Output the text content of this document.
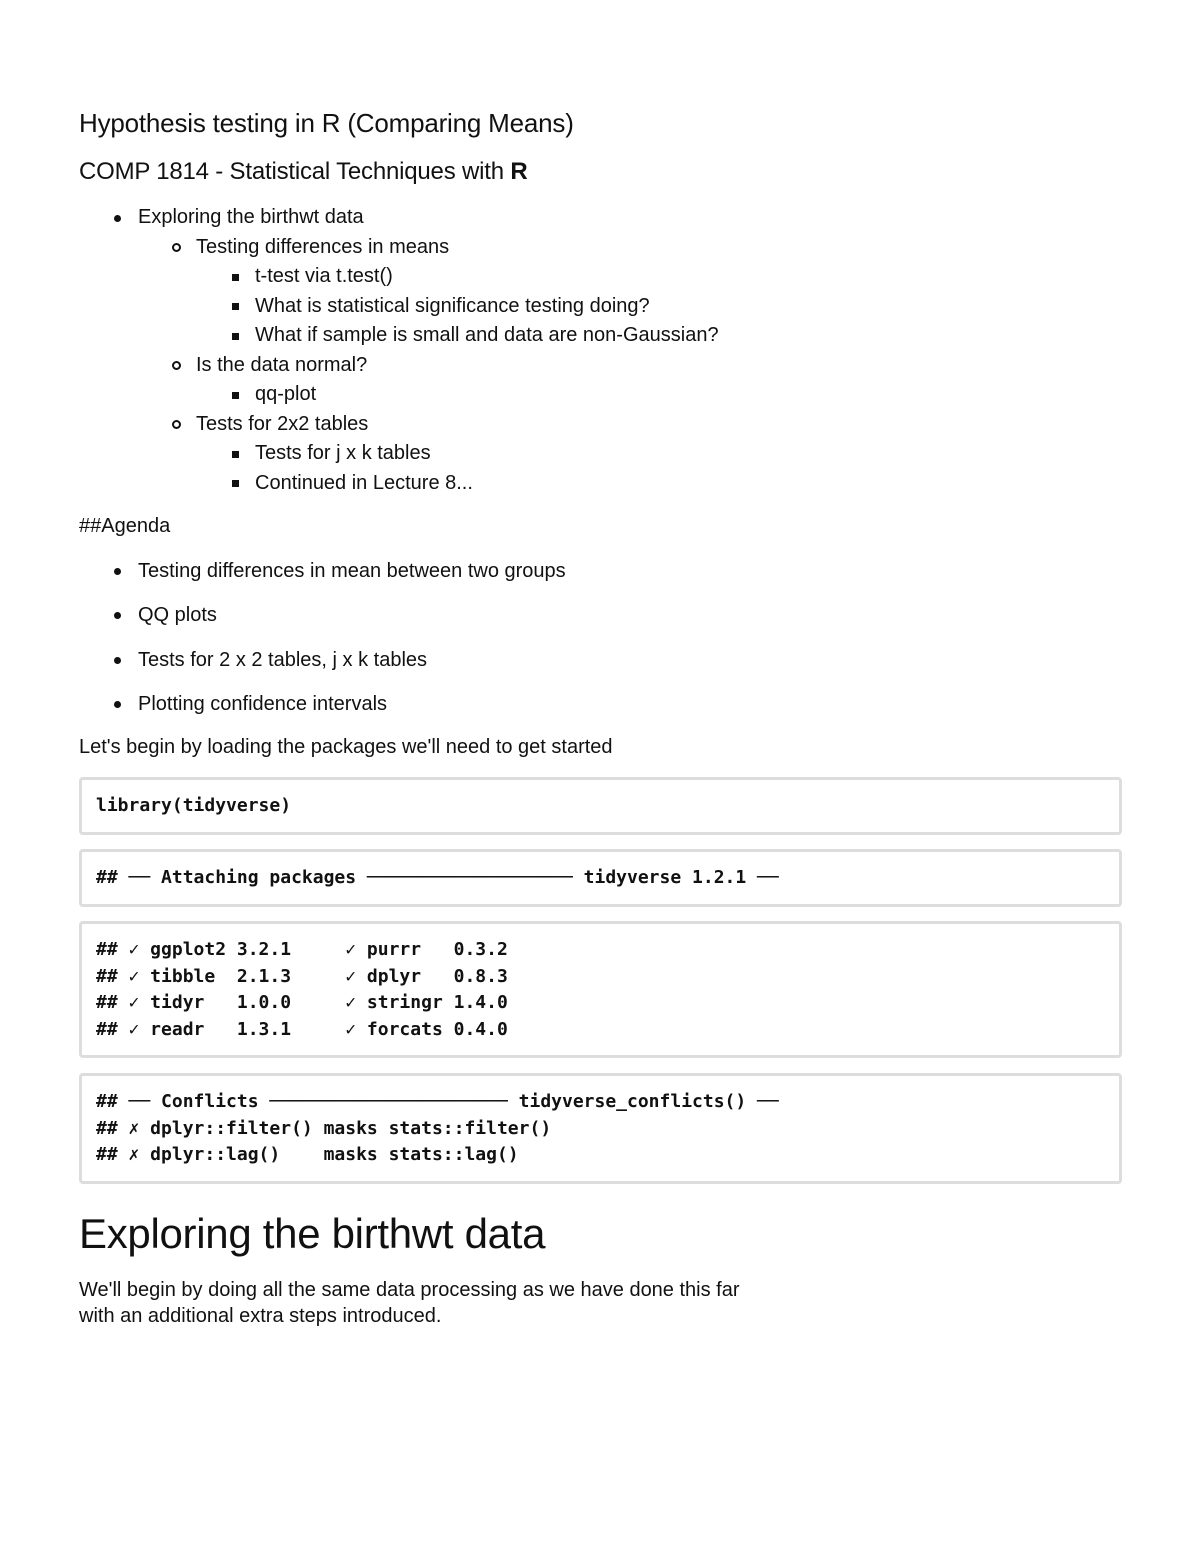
Hypothesis testing in R (Comparing Means)
COMP 1814 - Statistical Techniques with R
Exploring the birthwt data
Testing differences in means
t-test via t.test()
What is statistical significance testing doing?
What if sample is small and data are non-Gaussian?
Is the data normal?
qq-plot
Tests for 2x2 tables
Tests for j x k tables
Continued in Lecture 8...
##Agenda
Testing differences in mean between two groups
QQ plots
Tests for 2 x 2 tables, j x k tables
Plotting confidence intervals
Let's begin by loading the packages we'll need to get started
library(tidyverse)
## ── Attaching packages ─────────────────── tidyverse 1.2.1 ──
## ✓ ggplot2 3.2.1     ✓ purrr   0.3.2
## ✓ tibble  2.1.3     ✓ dplyr   0.8.3
## ✓ tidyr   1.0.0     ✓ stringr 1.4.0
## ✓ readr   1.3.1     ✓ forcats 0.4.0
## ── Conflicts ────────────────────── tidyverse_conflicts() ──
## ✗ dplyr::filter() masks stats::filter()
## ✗ dplyr::lag()    masks stats::lag()
Exploring the birthwt data
We'll begin by doing all the same data processing as we have done this far with an additional extra steps introduced.
